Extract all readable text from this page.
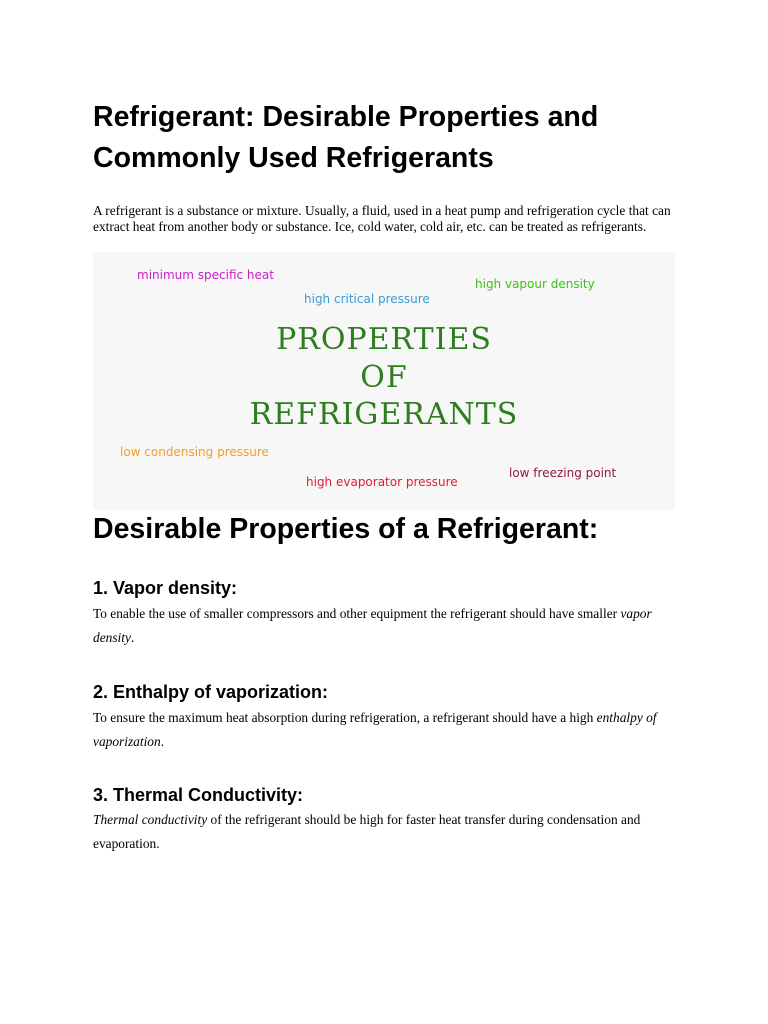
Refrigerant: Desirable Properties and Commonly Used Refrigerants

A refrigerant is a substance or mixture. Usually, a fluid, used in a heat pump and refrigeration cycle that can extract heat from another body or substance. Ice, cold water, cold air, etc. can be treated as refrigerants.

minimum specific heat
high critical pressure
high vapour density
PROPERTIES
OF
REFRIGERANTS
low condensing pressure
high evaporator pressure
low freezing point
Desirable Properties of a Refrigerant:
1. Vapor density:

To enable the use of smaller compressors and other equipment the refrigerant should have smaller vapor density.

2. Enthalpy of vaporization:

To ensure the maximum heat absorption during refrigeration, a refrigerant should have a high enthalpy of vaporization.

3. Thermal Conductivity:

Thermal conductivity of the refrigerant should be high for faster heat transfer during condensation and evaporation.
